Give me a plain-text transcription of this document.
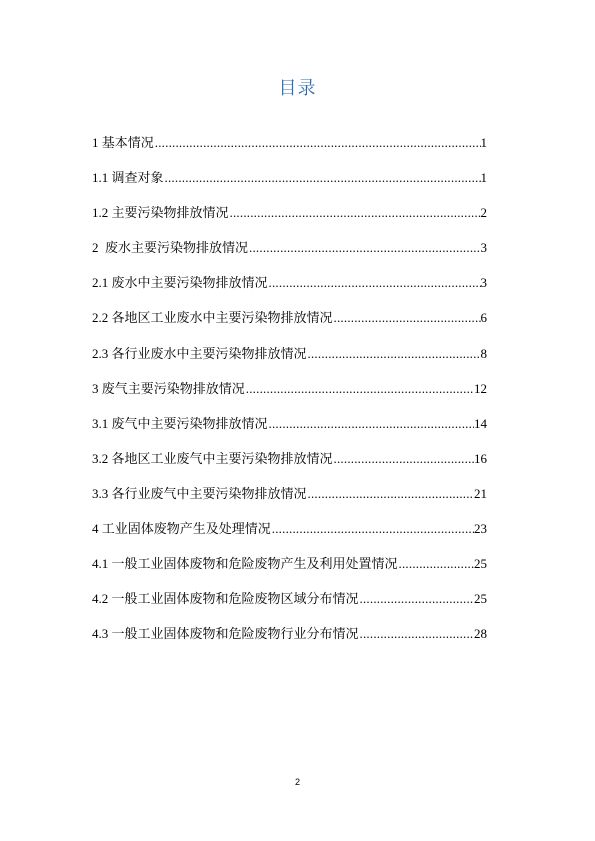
目录
1 基本情况 .....	1
1.1 调查对象 .....	1
1.2 主要污染物排放情况 .....	2
2  废水主要污染物排放情况 .....	3
2.1 废水中主要污染物排放情况 .....	3
2.2 各地区工业废水中主要污染物排放情况 .....	6
2.3 各行业废水中主要污染物排放情况 .....	8
3 废气主要污染物排放情况 .....	12
3.1 废气中主要污染物排放情况 .....	14
3.2 各地区工业废气中主要污染物排放情况 .....	16
3.3 各行业废气中主要污染物排放情况 .....	21
4 工业固体废物产生及处理情况 .....	23
4.1 一般工业固体废物和危险废物产生及利用处置情况 .....	25
4.2 一般工业固体废物和危险废物区域分布情况 .....	25
4.3 一般工业固体废物和危险废物行业分布情况 .....	28
2
